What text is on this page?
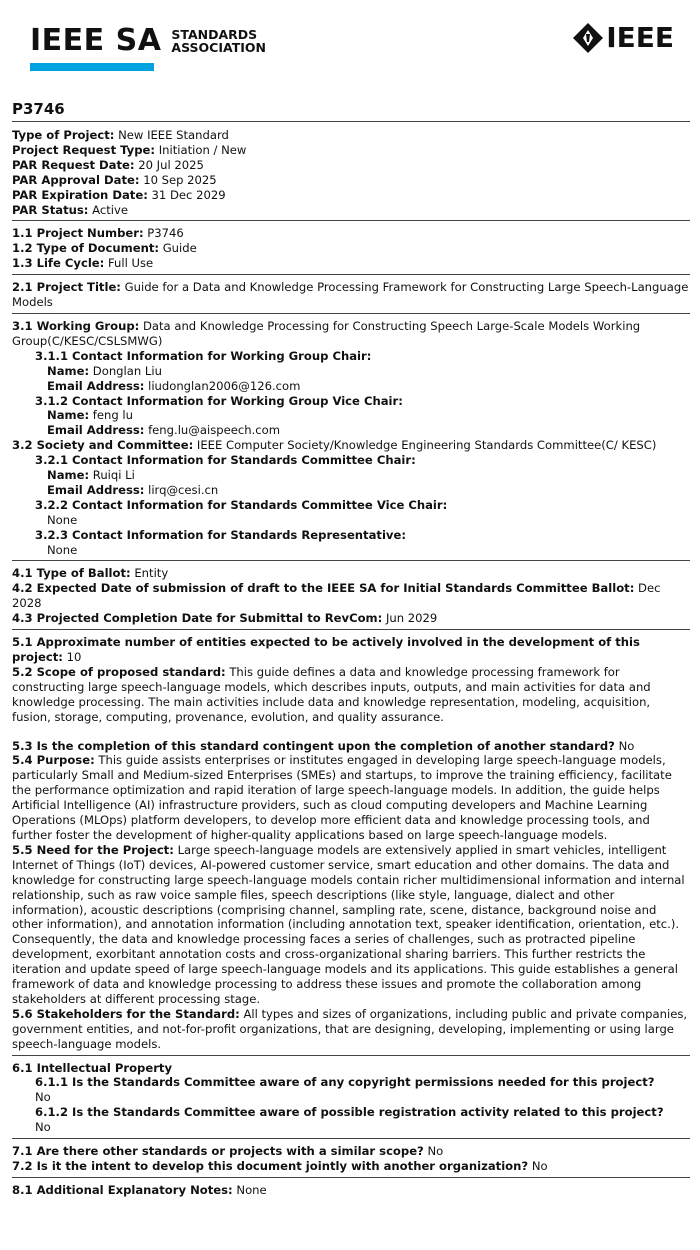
IEEE SA STANDARDS
ASSOCIATION	IEEE
P3746
Type of Project: New IEEE Standard
Project Request Type: Initiation / New
PAR Request Date: 20 Jul 2025
PAR Approval Date: 10 Sep 2025
PAR Expiration Date: 31 Dec 2029
PAR Status: Active
1.1 Project Number: P3746
1.2 Type of Document: Guide
1.3 Life Cycle: Full Use
2.1 Project Title: Guide for a Data and Knowledge Processing Framework for Constructing Large Speech-Language Models
3.1 Working Group: Data and Knowledge Processing for Constructing Speech Large-Scale Models Working Group(C/KESC/CSLSMWG)
3.1.1 Contact Information for Working Group Chair:
Name: Donglan Liu
Email Address: liudonglan2006@126.com
3.1.2 Contact Information for Working Group Vice Chair:
Name: feng lu
Email Address: feng.lu@aispeech.com
3.2 Society and Committee: IEEE Computer Society/Knowledge Engineering Standards Committee(C/ KESC)
3.2.1 Contact Information for Standards Committee Chair:
Name: Ruiqi Li
Email Address: lirq@cesi.cn
3.2.2 Contact Information for Standards Committee Vice Chair:
None
3.2.3 Contact Information for Standards Representative:
None
4.1 Type of Ballot: Entity
4.2 Expected Date of submission of draft to the IEEE SA for Initial Standards Committee Ballot: Dec 2028
4.3 Projected Completion Date for Submittal to RevCom: Jun 2029
5.1 Approximate number of entities expected to be actively involved in the development of this project: 10
5.2 Scope of proposed standard: This guide defines a data and knowledge processing framework for constructing large speech-language models, which describes inputs, outputs, and main activities for data and knowledge processing. The main activities include data and knowledge representation, modeling, acquisition, fusion, storage, computing, provenance, evolution, and quality assurance.
5.3 Is the completion of this standard contingent upon the completion of another standard? No
5.4 Purpose: This guide assists enterprises or institutes engaged in developing large speech-language models, particularly Small and Medium-sized Enterprises (SMEs) and startups, to improve the training efficiency, facilitate the performance optimization and rapid iteration of large speech-language models. In addition, the guide helps Artificial Intelligence (AI) infrastructure providers, such as cloud computing developers and Machine Learning Operations (MLOps) platform developers, to develop more efficient data and knowledge processing tools, and further foster the development of higher-quality applications based on large speech-language models.
5.5 Need for the Project: Large speech-language models are extensively applied in smart vehicles, intelligent Internet of Things (IoT) devices, AI-powered customer service, smart education and other domains. The data and knowledge for constructing large speech-language models contain richer multidimensional information and internal relationship, such as raw voice sample files, speech descriptions (like style, language, dialect and other information), acoustic descriptions (comprising channel, sampling rate, scene, distance, background noise and other information), and annotation information (including annotation text, speaker identification, orientation, etc.). Consequently, the data and knowledge processing faces a series of challenges, such as protracted pipeline development, exorbitant annotation costs and cross-organizational sharing barriers. This further restricts the iteration and update speed of large speech-language models and its applications. This guide establishes a general framework of data and knowledge processing to address these issues and promote the collaboration among stakeholders at different processing stage.
5.6 Stakeholders for the Standard: All types and sizes of organizations, including public and private companies, government entities, and not-for-profit organizations, that are designing, developing, implementing or using large speech-language models.
6.1 Intellectual Property
6.1.1 Is the Standards Committee aware of any copyright permissions needed for this project?
No
6.1.2 Is the Standards Committee aware of possible registration activity related to this project?
No
7.1 Are there other standards or projects with a similar scope? No
7.2 Is it the intent to develop this document jointly with another organization? No
8.1 Additional Explanatory Notes: None
